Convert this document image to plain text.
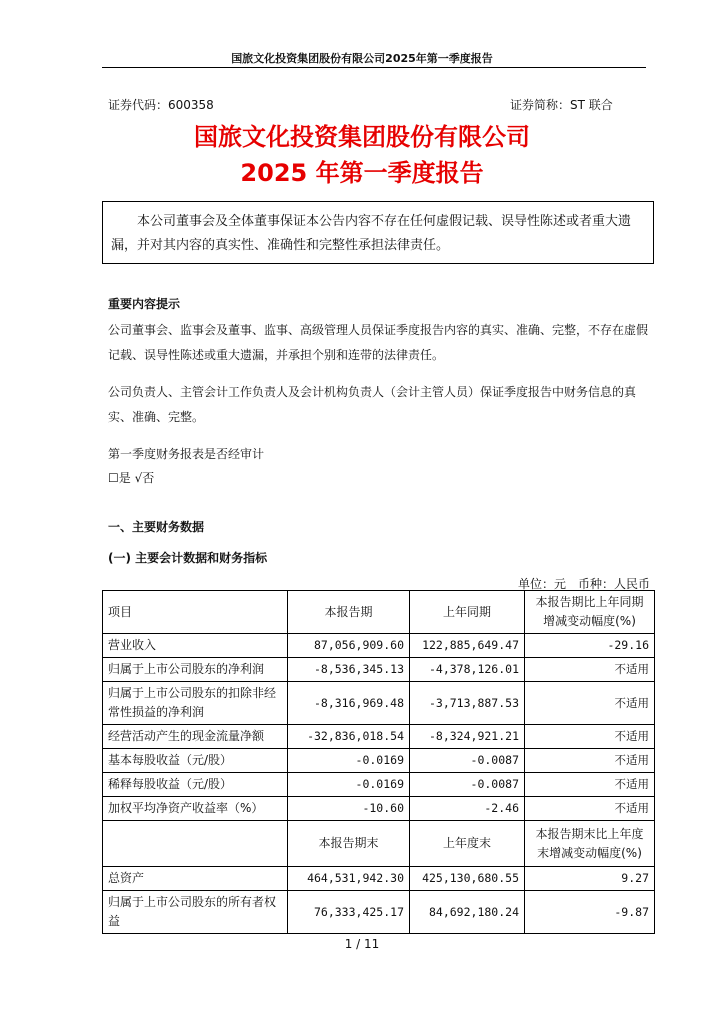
国旅文化投资集团股份有限公司2025年第一季度报告
证券代码：600358	证券简称：ST 联合
国旅文化投资集团股份有限公司
2025 年第一季度报告

本公司董事会及全体董事保证本公告内容不存在任何虚假记载、误导性陈述或者重大遗漏，并对其内容的真实性、准确性和完整性承担法律责任。

重要内容提示

公司董事会、监事会及董事、监事、高级管理人员保证季度报告内容的真实、准确、完整，不存在虚假记载、误导性陈述或重大遗漏，并承担个别和连带的法律责任。

公司负责人、主管会计工作负责人及会计机构负责人（会计主管人员）保证季度报告中财务信息的真实、准确、完整。

第一季度财务报表是否经审计
☐是 √否
一、主要财务数据
(一) 主要会计数据和财务指标
单位：元　币种：人民币
项目	本报告期	上年同期	本报告期比上年同期增减变动幅度(%)
营业收入	87,056,909.60	122,885,649.47	-29.16
归属于上市公司股东的净利润	-8,536,345.13	-4,378,126.01	不适用
归属于上市公司股东的扣除非经常性损益的净利润	-8,316,969.48	-3,713,887.53	不适用
经营活动产生的现金流量净额	-32,836,018.54	-8,324,921.21	不适用
基本每股收益（元/股）	-0.0169	-0.0087	不适用
稀释每股收益（元/股）	-0.0169	-0.0087	不适用
加权平均净资产收益率（%）	-10.60	-2.46	不适用
	本报告期末	上年度末	本报告期末比上年度末增减变动幅度(%)
总资产	464,531,942.30	425,130,680.55	9.27
归属于上市公司股东的所有者权益	76,333,425.17	84,692,180.24	-9.87
1 / 11
